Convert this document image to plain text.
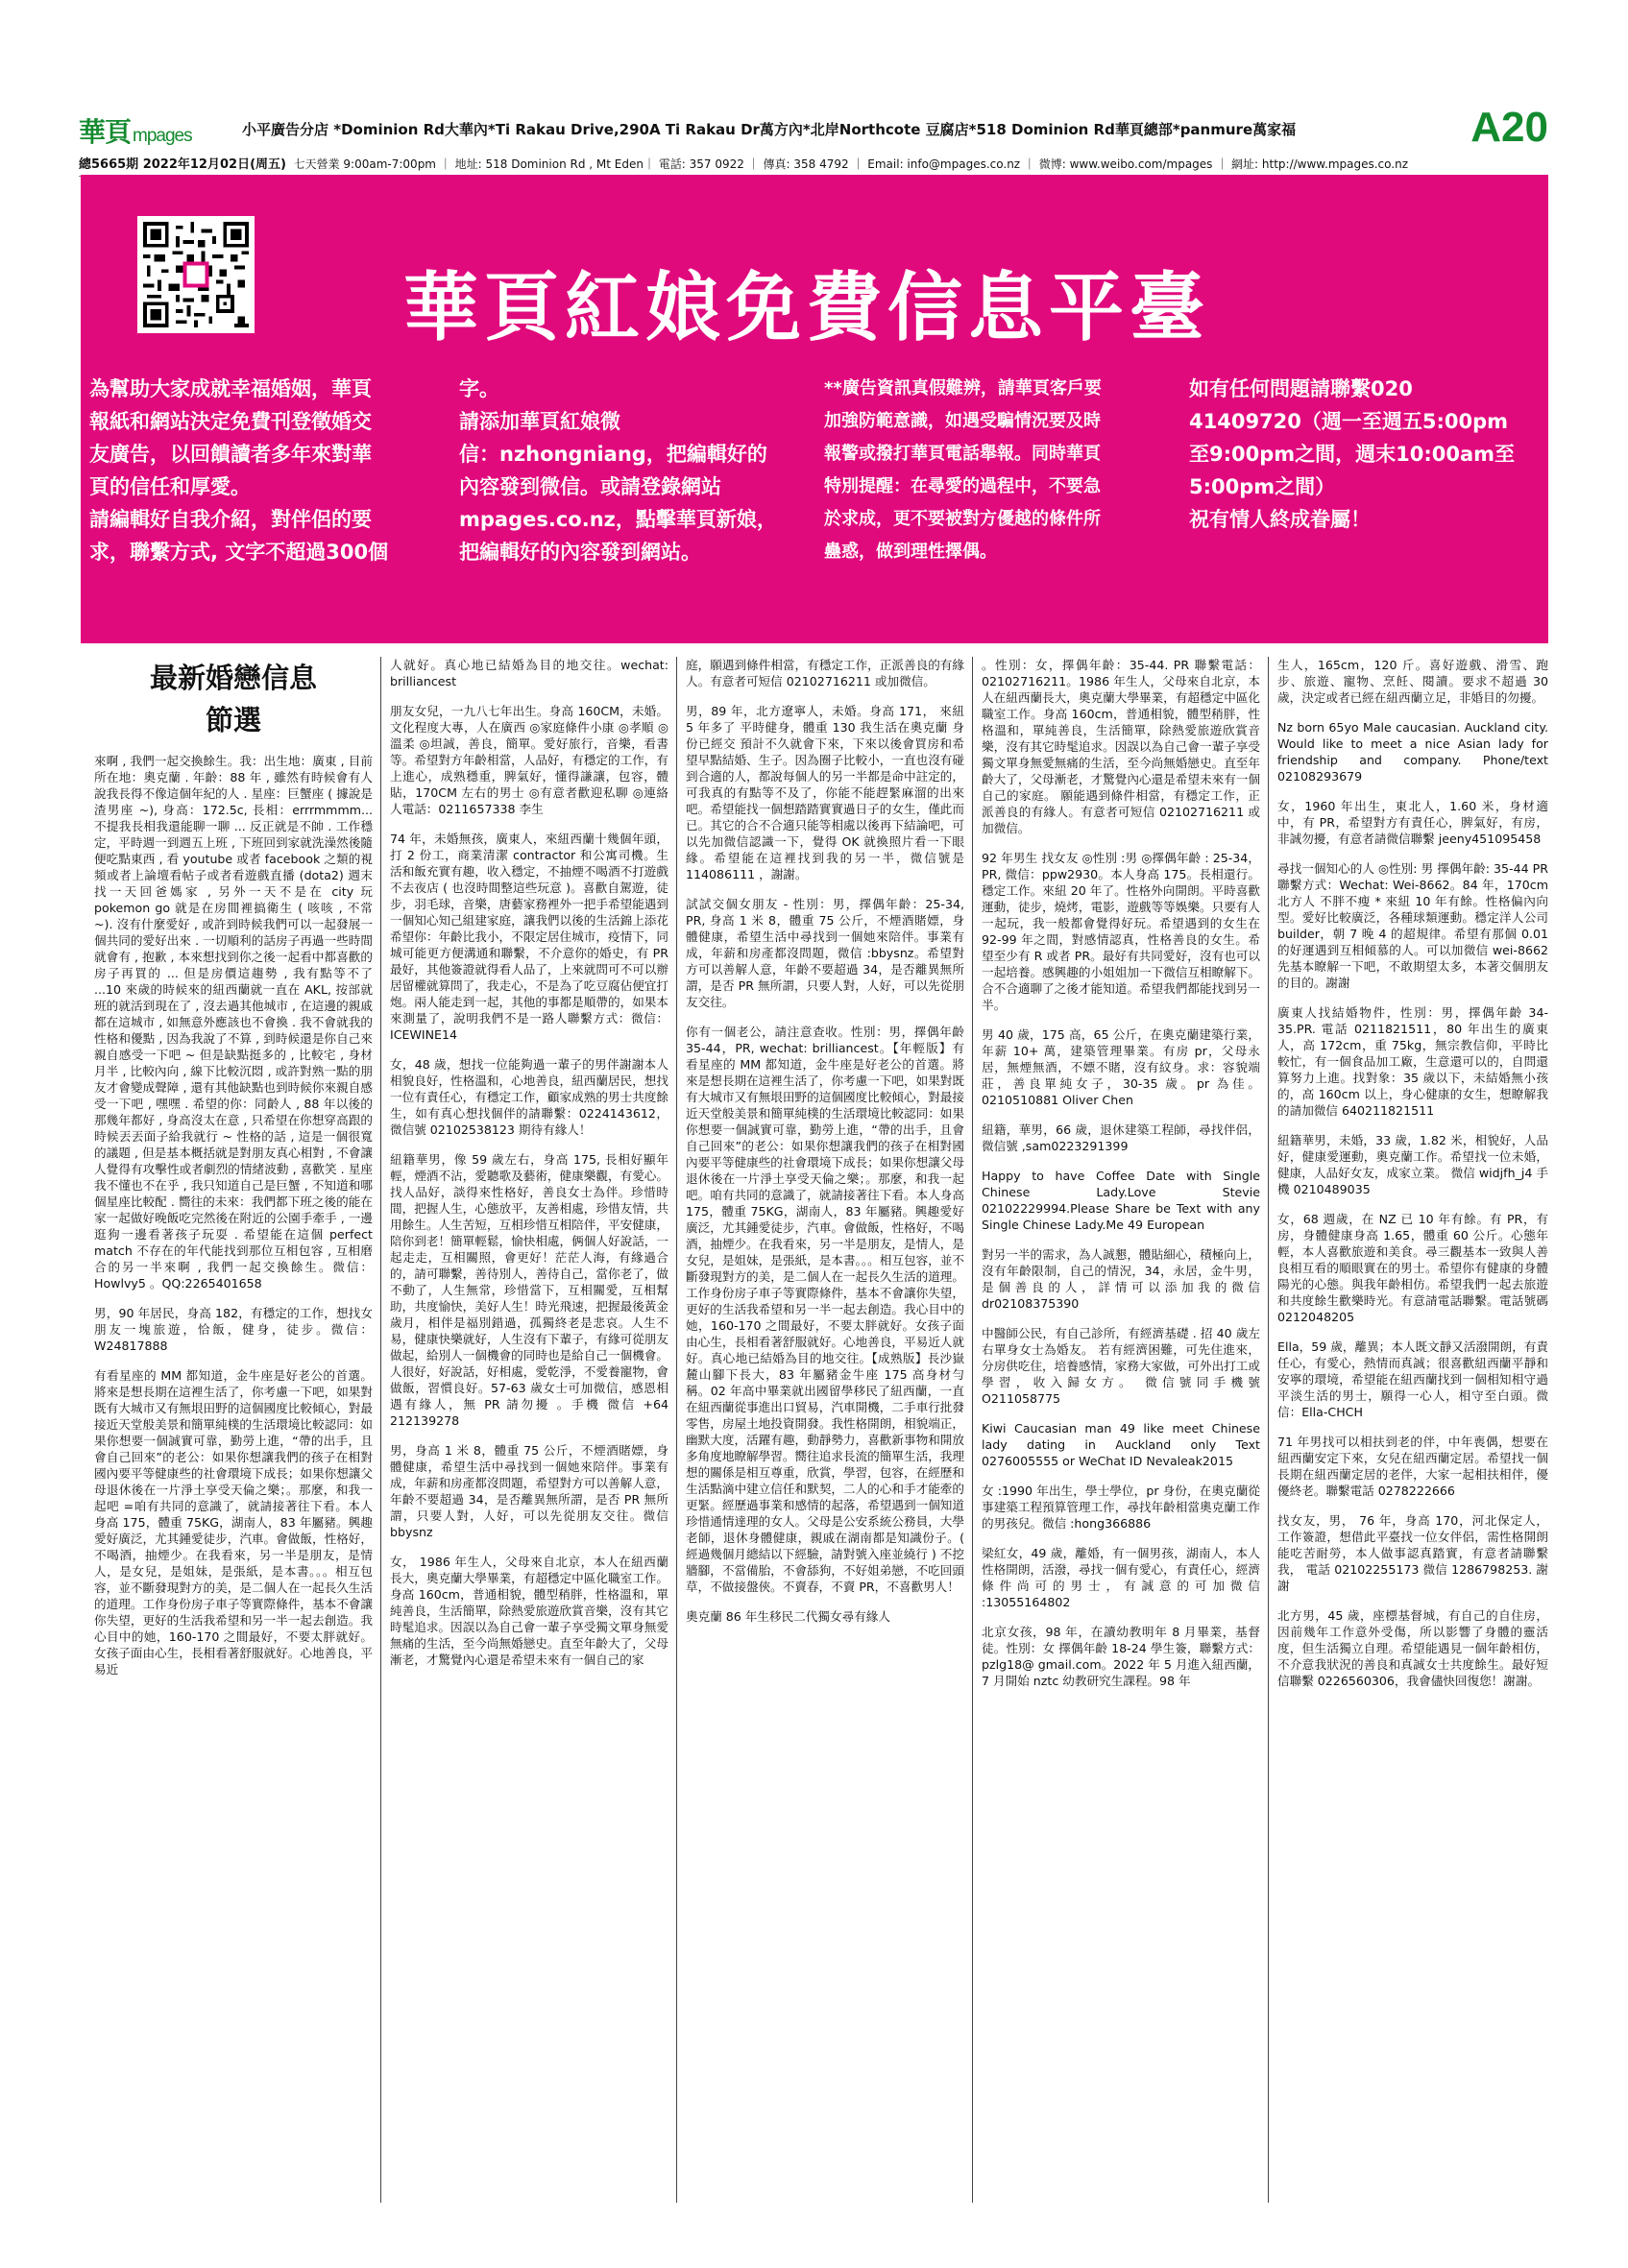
華頁 mpages	小平廣告分店 *Dominion Rd大華內*Ti Rakau Drive,290A Ti Rakau Dr萬方內*北岸Northcote 豆腐店*518 Dominion Rd華頁總部*panmure萬家福	A20
總5665期 2022年12月02日(周五) 七天營業 9:00am-7:00pm ｜ 地址: 518 Dominion Rd , Mt Eden｜ 電話: 357 0922 ｜ 傳真: 358 4792 ｜ Email: info@mpages.co.nz ｜ 微博: www.weibo.com/mpages ｜ 網址: http://www.mpages.co.nz
華頁紅娘免費信息平臺
為幫助大家成就幸福婚姻，華頁
報紙和網站決定免費刊登徵婚交
友廣告，以回饋讀者多年來對華
頁的信任和厚愛。
請編輯好自我介紹，對伴侶的要
求，聯繫方式, 文字不超過300個
字。
請添加華頁紅娘微
信：nzhongniang，把編輯好的
內容發到微信。或請登錄網站
mpages.co.nz，點擊華頁新娘，
把編輯好的內容發到網站。
**廣告資訊真假難辨，請華頁客戶要
加強防範意識，如遇受騙情況要及時
報警或撥打華頁電話舉報。同時華頁
特別提醒：在尋愛的過程中，不要急
於求成，更不要被對方優越的條件所
蠱惑，做到理性擇偶。
如有任何問題請聯繫020
41409720（週一至週五5:00pm
至9:00pm之間，週末10:00am至
5:00pm之間）
祝有情人終成眷屬！
最新婚戀信息
節選

來啊 , 我們一起交換餘生。我：出生地：廣東 , 目前所在地：奧克蘭 . 年齡：88 年 , 雖然有時候會有人說我長得不像這個年紀的人 . 星座：巨蟹座 ( 據說是渣男座 ~), 身高：172.5c, 長相：errrmmmm... 不提我長相我還能聊一聊 ... 反正就是不帥 . 工作穩定，平時週一到週五上班 , 下班回到家就洗澡然後隨便吃點東西 , 看 youtube 或者 facebook 之類的視頻或者上論壇看帖子或者看遊戲直播 (dota2) 週末找一天回爸媽家 , 另外一天不是在 city 玩 pokemon go 就是在房間裡搞衛生 ( 咳咳 , 不常 ~). 沒有什麼愛好 , 或許到時候我們可以一起發展一個共同的愛好出來 . 一切順利的話房子再過一些時間就會有 , 抱歉 , 本來想找到你之後一起看中都喜歡的房子再買的 ... 但是房價這趨勢 , 我有點等不了 ...10 來歲的時候來的紐西蘭就一直在 AKL, 按部就班的就活到現在了 , 沒去過其他城市 , 在這邊的親戚都在這城市 , 如無意外應該也不會換 . 我不會就我的性格和優點 , 因為我說了不算 , 到時候還是你自己來親自感受一下吧 ~ 但是缺點挺多的 , 比較宅 , 身材月半 , 比較內向 , 線下比較沉悶 , 或許對熟一點的朋友才會變成聲障 , 還有其他缺點也到時候你來親自感受一下吧 , 嘿嘿 . 希望的你：同齡人 , 88 年以後的那幾年都好 , 身高沒太在意 , 只希望在你想穿高跟的時候丟丟面子給我就行 ~ 性格的話 , 這是一個很寬的議題 , 但是基本概括就是對朋友真心相對 , 不會讓人覺得有攻擊性或者劇烈的情緒波動 , 喜歡笑 . 星座我不懂也不在乎 , 我只知道自己是巨蟹 , 不知道和哪個星座比較配 . 嚮往的未來：我們都下班之後的能在家一起做好晚飯吃完然後在附近的公園手牽手 , 一邊逛狗一邊看著孩子玩耍 . 希望能在這個 perfect match 不存在的年代能找到那位互相包容 , 互相磨合的另一半來啊 , 我們一起交換餘生。微信：Howlvy5 。QQ:2265401658

男，90 年居民，身高 182，有穩定的工作，想找女朋友一塊旅遊，恰飯，健身，徒步。微信：W24817888

有看星座的 MM 都知道，金牛座是好老公的首選。將來是想長期在這裡生活了，你考慮一下吧，如果對既有大城市又有無垠田野的這個國度比較傾心，對最接近天堂般美景和簡單純樸的生活環境比較認同：如果你想要一個誠實可靠，勤勞上進，“帶的出手，且會自己回來”的老公：如果你想讓我們的孩子在相對國內要平等健康些的社會環境下成長；如果你想讓父母退休後在一片淨土享受天倫之樂；。那麼，和我一起吧 =咱有共同的意識了，就請接著往下看。本人身高 175，體重 75KG，湖南人，83 年屬豬。興趣愛好廣泛，尤其鍾愛徒步，汽車。會做飯，性格好，不喝酒，抽煙少。在我看來，另一半是朋友，是情人，是女兒，是姐妹，是張紙，是本書。。。相互包容，並不斷發現對方的美，是二個人在一起長久生活的道理。工作身份房子車子等實際條件，基本不會讓你失望，更好的生活我希望和另一半一起去創造。我心目中的她，160-170 之間最好，不要太胖就好。女孩子面由心生，長相看著舒服就好。心地善良，平易近

人就好。真心地已結婚為目的地交往。wechat: brilliancest

朋友女兒，一九八七年出生。身高 160CM，未婚。文化程度大專，人在廣西 ◎家庭條件小康 ◎孝順 ◎溫柔 ◎坦誠，善良，簡單。愛好旅行，音樂，看書等。希望對方年齡相當，人品好，有穩定的工作，有上進心，成熟穩重，脾氣好，懂得謙讓，包容，體貼，170CM 左右的男士 ◎有意者歡迎私聊 ◎連絡人電話：0211657338 李生

74 年，未婚無孩，廣東人，來紐西蘭十幾個年頭，打 2 份工，商業清潔 contractor 和公寓司機。生活和飯充實有趣，收入穩定，不抽煙不喝酒不打遊戲不去夜店 ( 也沒時間整這些玩意 )。喜歡自駕遊，徒步，羽毛球，音樂，唐藝家務裡外一把手希望能遇到一個知心知己組建家庭，讓我們以後的生活錦上添花 希望你：年齡比我小，不限定居住城市，疫情下，同城可能更方便溝通和聯繫，不介意你的婚史，有 PR 最好，其他簽證就得看人品了，上來就問可不可以辦居留權就算問了，我走心，不是為了吃豆腐佔便宜打炮。兩人能走到一起，其他的事都是順帶的，如果本來測量了，說明我們不是一路人聯繫方式：微信：ICEWINE14

女，48 歲，想找一位能夠過一輩子的男伴謝謝本人相貌良好，性格溫和，心地善良，紐西蘭居民，想找一位有責任心，有穩定工作，顧家成熟的男士共度餘生，如有真心想找個伴的請聯繫：0224143612，微信號 02102538123 期待有緣人！

紐籍華男，像 59 歲左右，身高 175, 長相好顯年輕，煙酒不沾，愛聽歌及藝術，健康樂觀，有愛心。找人品好，談得來性格好，善良女士為伴。珍惜時間，把握人生，心態放平，友善相處，珍惜友情，共用餘生。人生苦短，互相珍惜互相陪伴，平安健康，陪你到老！簡單輕鬆，愉快相處，俩個人好說話，一起走走，互相關照，會更好！茫茫人海，有緣過合的，請可聯繫，善待別人，善待自己，當你老了，做不動了，人生無常，珍惜當下，互相關愛，互相幫助，共度愉快，美好人生！時光飛速，把握最後黃金歲月，相伴是福別錯過，孤獨終老是悲哀。人生不易，健康快樂就好，人生沒有下輩子，有緣可從朋友做起，給別人一個機會的同時也是給自己一個機會。人很好，好說話，好相處，愛乾淨，不愛養寵物，會做飯，習慣良好。57-63 歲女士可加微信，感恩相遇有緣人，無 PR 請勿擾 。手機 微信 +64 212139278

男，身高 1 米 8，體重 75 公斤，不煙酒賭嫖，身體健康，希望生活中尋找到一個她來陪伴。事業有成，年薪和房產都沒問題，希望對方可以善解人意，年齡不要超過 34，是否離異無所謂，是否 PR 無所謂，只要人對，人好，可以先從朋友交往。微信 bbysnz

女， 1986 年生人，父母來自北京，本人在紐西蘭長大，奧克蘭大學畢業，有超穩定中區化職室工作。身高 160cm，普通相貌，體型稍胖，性格溫和，單純善良，生活簡單，除熱愛旅遊欣賞音樂，沒有其它時髦追求。因誤以為自己會一輩子享受獨文單身無愛無痛的生活，至今尚無婚戀史。直至年齡大了，父母漸老，才驚覺內心還是希望未來有一個自己的家

庭，願遇到條件相當，有穩定工作，正派善良的有緣人。有意者可短信 02102716211 或加微信。

男，89 年，北方遼寧人，未婚。身高 171， 來紐 5 年多了 平時健身，體重 130 我生活在奧克蘭 身份已經交 預計不久就會下來，下來以後會買房和希望早點結婚、生子。因為圈子比較小，一直也沒有碰到合適的人，都說每個人的另一半都是命中註定的，可我真的有點等不及了，你能不能趕緊麻溜的出來吧。希望能找一個想踏踏實實過日子的女生，僅此而已。其它的合不合適只能等相處以後再下結論吧，可以先加微信認識一下，覺得 OK 就換照片看一下眼緣。希望能在這裡找到我的另一半，微信號是 114086111 ，謝謝。

試試交個女朋友 - 性別：男，擇偶年齡：25-34, PR, 身高 1 米 8，體重 75 公斤，不煙酒賭嫖，身體健康，希望生活中尋找到一個她來陪伴。事業有成，年薪和房產都沒問題，微信 :bbysnz。希望對方可以善解人意，年齡不要超過 34，是否離異無所謂，是否 PR 無所謂，只要人對，人好，可以先從朋友交往。

你有一個老公，請注意查收。性別：男，擇偶年齡 35-44，PR, wechat: brilliancest。【年輕版】有看星座的 MM 都知道，金牛座是好老公的首選。將來是想長期在這裡生活了，你考慮一下吧，如果對既有大城市又有無垠田野的這個國度比較傾心，對最接近天堂般美景和簡單純樸的生活環境比較認同：如果你想要一個誠實可靠，勤勞上進，“帶的出手，且會自己回來”的老公：如果你想讓我們的孩子在相對國內要平等健康些的社會環境下成長；如果你想讓父母退休後在一片淨土享受天倫之樂；。那麼，和我一起吧。咱有共同的意識了，就請接著往下看。本人身高 175，體重 75KG，湖南人，83 年屬豬。興趣愛好廣泛，尤其鍾愛徒步，汽車。會做飯，性格好，不喝酒，抽煙少。在我看來，另一半是朋友，是情人，是女兒，是姐妹，是張紙，是本書。。。相互包容，並不斷發現對方的美，是二個人在一起長久生活的道理。工作身份房子車子等實際條件，基本不會讓你失望，更好的生活我希望和另一半一起去創造。我心目中的她，160-170 之間最好，不要太胖就好。女孩子面由心生，長相看著舒服就好。心地善良，平易近人就好。真心地已結婚為目的地交往。【成熟版】長沙嶽麓山腳下長大，83 年屬豬金牛座 175 高身材勻稱。02 年高中畢業就出國留學移民了紐西蘭，一直在紐西蘭從事進出口貿易，汽車開機，二手車行批發零售，房屋土地投資開發。我性格開朗，相貌端正，幽默大度，活躍有趣，動靜勢力，喜歡新事物和開放多角度地瞭解學習。嚮往追求長流的簡單生活，我理想的關係是相互尊重，欣賞，學習，包容，在經歷和生活點滴中建立信任和默契，二人的心和手才能牽的更緊。經歷過事業和感情的起落，希望遇到一個知道珍惜通情達理的女人。父母是公安系統公務員，大學老師，退休身體健康，親戚在湖南都是知識份子。( 經過幾個月總結以下經驗，請對號入座並繞行 ) 不挖牆腳，不當備胎，不會舔狗，不好姐弟戀，不吃回頭草，不做接盤俠。不賣春，不賣 PR，不喜歡男人！

奧克蘭 86 年生移民二代獨女尋有緣人

。性別：女，擇偶年齡：35-44. PR 聯繫電話：02102716211。1986 年生人，父母來自北京，本人在紐西蘭長大，奧克蘭大學畢業，有超穩定中區化職室工作。身高 160cm，普通相貌，體型稍胖，性格溫和，單純善良，生活簡單，除熱愛旅遊欣賞音樂，沒有其它時髦追求。因誤以為自己會一輩子享受獨文單身無愛無痛的生活，至今尚無婚戀史。直至年齡大了，父母漸老，才驚覺內心還是希望未來有一個自己的家庭。 願能遇到條件相當，有穩定工作，正派善良的有緣人。有意者可短信 02102716211 或加微信。

92 年男生 找女友 ◎性別 :男 ◎擇偶年齡 : 25-34，PR, 微信：ppw2930。本人身高 175。長相還行。穩定工作。來紐 20 年了。性格外向開朗。平時喜歡運動，徒步，燒烤，電影，遊戲等等娛樂。只要有人一起玩，我一般都會覺得好玩。希望遇到的女生在 92-99 年之間，對感情認真，性格善良的女生。希望至少有 R 或者 PR。最好有共同愛好，沒有也可以一起培養。感興趣的小姐姐加一下微信互相瞭解下。合不合適聊了之後才能知道。希望我們都能找到另一半。

男 40 歲，175 高，65 公斤，在奧克蘭建築行業，年薪 10+ 萬，建築管理畢業。有房 pr，父母永居，無煙無酒，不嫖不賭，沒有紋身。求：容貌端莊，善良單純女子，30-35 歲。pr 為佳。0210510881 Oliver Chen

紐籍，華男，66 歲，退休建築工程師，尋找伴侶，微信號 ,sam0223291399

Happy to have Coffee Date with Single Chinese Lady.Love Stevie 02102229994.Please Share be Text with any Single Chinese Lady.Me 49 European

對另一半的需求，為人誠懇，體貼細心，積極向上，沒有年齡限制，自己的情況，34，永居，金牛男，是個善良的人，詳情可以添加我的微信 dr02108375390

中醫師公民，有自己診所，有經濟基礎 . 招 40 歲左右單身女士為婚友。 若有經濟困難，可先住進來，分房供吃住，培養感情，家務大家做，可外出打工或學習，收入歸女方。 微信號同手機號 O211058775

Kiwi Caucasian man 49 like meet Chinese lady dating in Auckland only Text 0276005555 or WeChat ID Nevaleak2015

女 :1990 年出生，學士學位，pr 身份，在奧克蘭從事建築工程預算管理工作，尋找年齡相當奧克蘭工作的男孩兒。微信 :hong366886

梁紅女，49 歲，離婚，有一個男孩，湖南人，本人性格開朗，活潑，尋找一個有愛心，有責任心，經濟條件尚可的男士，有誠意的可加微信 :13055164802

北京女孩，98 年，在讀幼教明年 8 月畢業，基督徒。性別：女 擇偶年齡 18-24 學生簽，聯繫方式：pzlg18@ gmail.com。2022 年 5 月進入紐西蘭，7 月開始 nztc 幼教研究生課程。98 年

生人，165cm，120 斤。喜好遊戲、滑雪、跑步、旅遊、寵物、烹飪、閱讀。要求不超過 30 歲，決定或者已經在紐西蘭立足，非婚目的勿擾。

Nz born 65yo Male caucasian. Auckland city. Would like to meet a nice Asian lady for friendship and company. Phone/text 02108293679

女，1960 年出生，東北人，1.60 米，身材適中，有 PR，希望對方有責任心，脾氣好，有房，非誠勿擾，有意者請微信聯繫 jeeny451095458

尋找一個知心的人 ◎性別: 男 擇偶年齡: 35-44 PR 聯繫方式：Wechat: Wei-8662。84 年，170cm 北方人 不胖不瘦 * 來紐 10 年有餘。性格偏內向型。愛好比較廣泛，各種球類運動。穩定洋人公司 builder，朝 7 晚 4 的超規律。希望有那個 0.01 的好運遇到互相傾慕的人。可以加微信 wei-8662 先基本瞭解一下吧，不敢期望太多，本著交個朋友的目的。謝謝

廣東人找結婚物件，性別：男，擇偶年齡 34-35.PR. 電話 0211821511，80 年出生的廣東人，高 172cm，重 75kg，無宗教信仰，平時比較忙，有一個食品加工廠，生意還可以的，自問還算努力上進。找對象：35 歲以下，未結婚無小孩的，高 160cm 以上，身心健康的女生，想瞭解我的請加微信 640211821511

紐籍華男，未婚，33 歲，1.82 米，相貌好，人品好，健康愛運動，奧克蘭工作。希望找一位未婚，健康，人品好女友，成家立業。 微信 widjfh_j4 手機 0210489035

女，68 週歲，在 NZ 已 10 年有餘。有 PR，有房，身體健康身高 1.65，體重 60 公斤。心態年輕，本人喜歡旅遊和美食。尋三觀基本一致與人善良相互看的順眼實在的男士。希望你有健康的身體陽光的心態。與我年齡相仿。希望我們一起去旅遊和共度餘生歡樂時光。有意請電話聯繫。電話號碼 0212048205

Ella，59 歲，離異；本人既文靜又活潑開朗，有責任心，有愛心，熱情而真誠；很喜歡紐西蘭平靜和安寧的環境，希望能在紐西蘭找到一個相知相守過平淡生活的男士，願得一心人，相守至白頭。微信：Ella-CHCH

71 年男找可以相扶到老的伴，中年喪偶，想要在紐西蘭安定下來，女兒在紐西蘭定居。希望找一個長期在紐西蘭定居的老伴，大家一起相扶相伴，優優終老。聯繫電話 0278222666

找女友，男， 76 年，身高 170，河北保定人， 工作簽證，想借此平臺找一位女伴侶，需性格開朗能吃苦耐勞，本人做事認真踏實，有意者請聯繫我， 電話 02102255173 微信 1286798253. 謝謝

北方男，45 歲，座標基督城，有自己的自住房，因前幾年工作意外受傷，所以影響了身體的靈活度，但生活獨立自理。希望能遇見一個年齡相仿，不介意我狀況的善良和真誠女士共度餘生。最好短信聯繫 0226560306，我會儘快回復您！謝謝。
